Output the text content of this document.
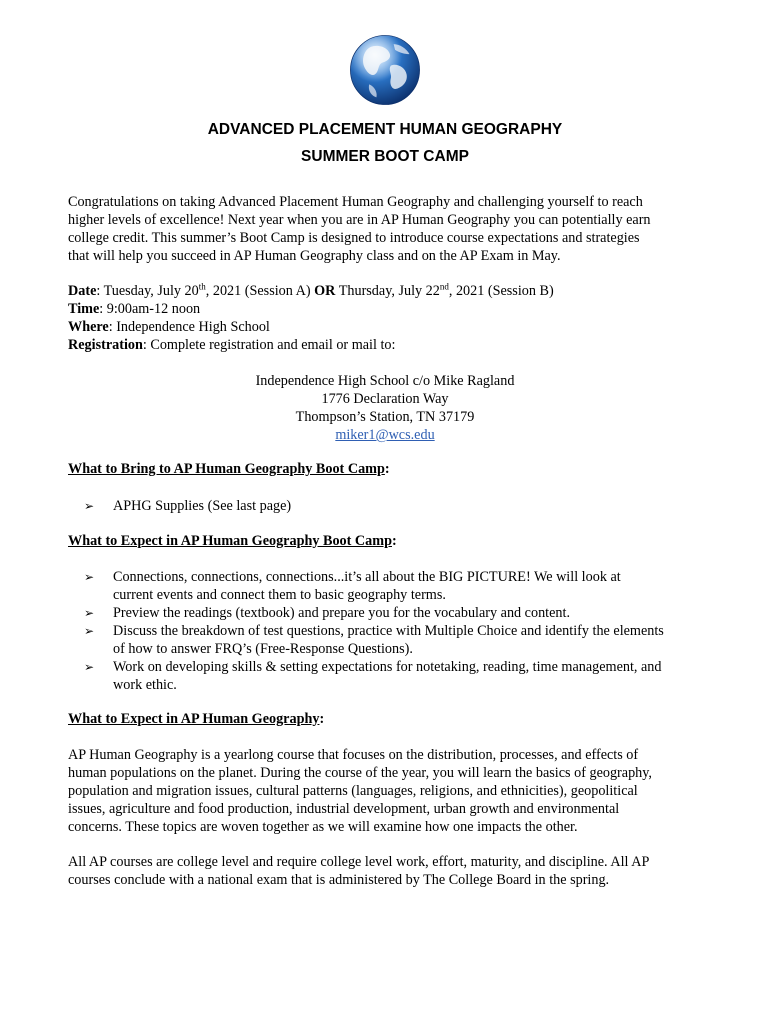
ADVANCED PLACEMENT HUMAN GEOGRAPHY
SUMMER BOOT CAMP
Congratulations on taking Advanced Placement Human Geography and challenging yourself to reach
higher levels of excellence! Next year when you are in AP Human Geography you can potentially earn
college credit. This summer’s Boot Camp is designed to introduce course expectations and strategies
that will help you succeed in AP Human Geography class and on the AP Exam in May.
Date: Tuesday, July 20th, 2021 (Session A) OR Thursday, July 22nd, 2021 (Session B)
Time: 9:00am-12 noon
Where: Independence High School
Registration: Complete registration and email or mail to:
Independence High School c/o Mike Ragland
1776 Declaration Way
Thompson’s Station, TN 37179
miker1@wcs.edu
What to Bring to AP Human Geography Boot Camp:
➢ APHG Supplies (See last page)
What to Expect in AP Human Geography Boot Camp:
➢ Connections, connections, connections...it’s all about the BIG PICTURE! We will look at
current events and connect them to basic geography terms.
➢ Preview the readings (textbook) and prepare you for the vocabulary and content.
➢ Discuss the breakdown of test questions, practice with Multiple Choice and identify the elements
of how to answer FRQ’s (Free-Response Questions).
➢ Work on developing skills & setting expectations for notetaking, reading, time management, and
work ethic.
What to Expect in AP Human Geography:
AP Human Geography is a yearlong course that focuses on the distribution, processes, and effects of
human populations on the planet. During the course of the year, you will learn the basics of geography,
population and migration issues, cultural patterns (languages, religions, and ethnicities), geopolitical
issues, agriculture and food production, industrial development, urban growth and environmental
concerns. These topics are woven together as we will examine how one impacts the other.
All AP courses are college level and require college level work, effort, maturity, and discipline. All AP
courses conclude with a national exam that is administered by The College Board in the spring.
